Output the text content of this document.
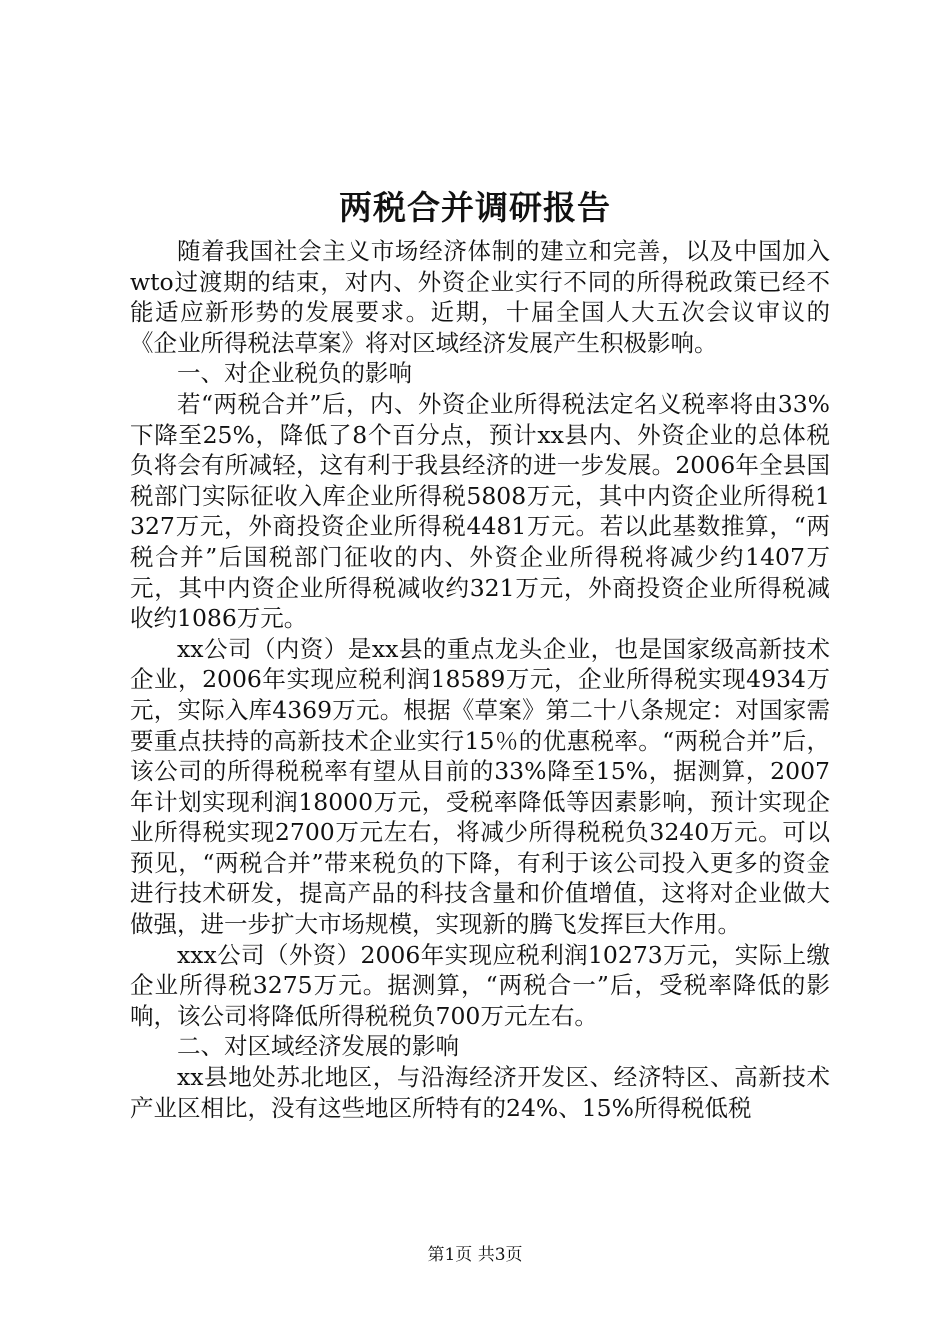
两税合并调研报告

随着我国社会主义市场经济体制的建立和完善，以及中国加入wto过渡期的结束，对内、外资企业实行不同的所得税政策已经不能适应新形势的发展要求。近期，十届全国人大五次会议审议的《企业所得税法草案》将对区域经济发展产生积极影响。

一、对企业税负的影响

若“两税合并”后，内、外资企业所得税法定名义税率将由33%下降至25%，降低了8个百分点，预计xx县内、外资企业的总体税负将会有所减轻，这有利于我县经济的进一步发展。2006年全县国税部门实际征收入库企业所得税5808万元，其中内资企业所得税1327万元，外商投资企业所得税4481万元。若以此基数推算，“两税合并”后国税部门征收的内、外资企业所得税将减少约1407万元，其中内资企业所得税减收约321万元，外商投资企业所得税减收约1086万元。

xx公司（内资）是xx县的重点龙头企业，也是国家级高新技术企业，2006年实现应税利润18589万元，企业所得税实现4934万元，实际入库4369万元。根据《草案》第二十八条规定：对国家需要重点扶持的高新技术企业实行15％的优惠税率。“两税合并”后，该公司的所得税税率有望从目前的33%降至15%，据测算，2007年计划实现利润18000万元，受税率降低等因素影响，预计实现企业所得税实现2700万元左右，将减少所得税税负3240万元。可以预见，“两税合并”带来税负的下降，有利于该公司投入更多的资金进行技术研发，提高产品的科技含量和价值增值，这将对企业做大做强，进一步扩大市场规模，实现新的腾飞发挥巨大作用。

xxx公司（外资）2006年实现应税利润10273万元，实际上缴企业所得税3275万元。据测算，“两税合一”后，受税率降低的影响，该公司将降低所得税税负700万元左右。

二、对区域经济发展的影响

xx县地处苏北地区，与沿海经济开发区、经济特区、高新技术产业区相比，没有这些地区所特有的24%、15%所得税低税

第1页 共3页
